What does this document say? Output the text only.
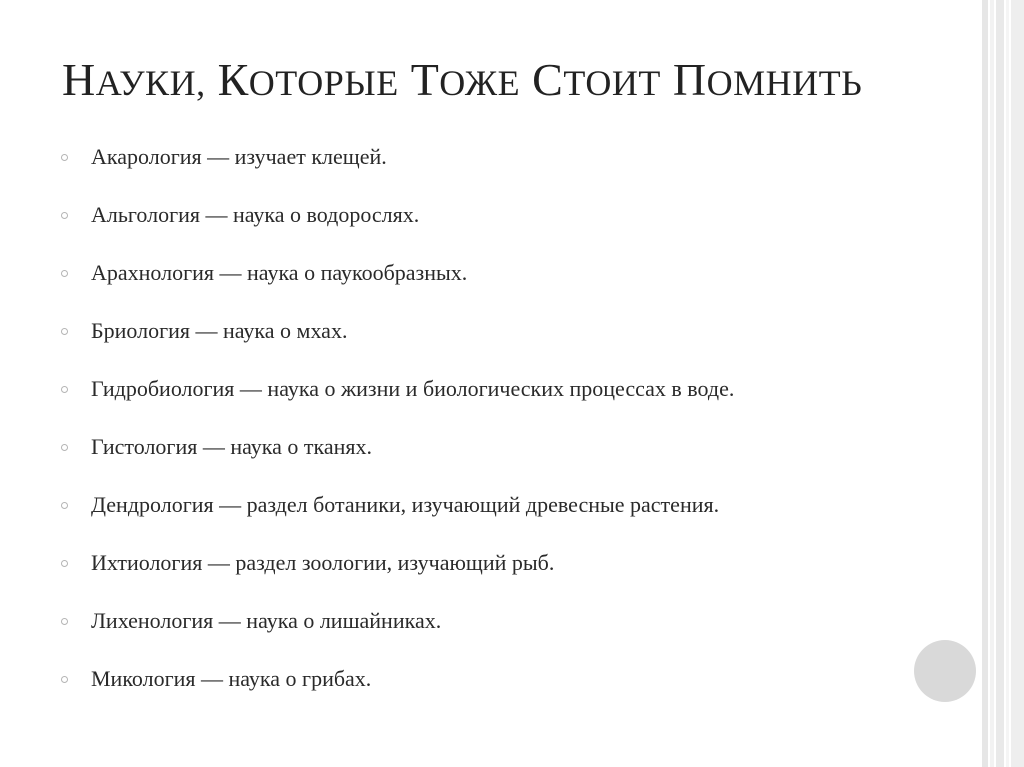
НАУКИ, КОТОРЫЕ ТОЖЕ СТОИТ ПОМНИТЬ
Акарология — изучает клещей.
Альгология — наука о водорослях.
Арахнология — наука о паукообразных.
Бриология — наука о мхах.
Гидробиология — наука о жизни и биологических процессах в воде.
Гистология — наука о тканях.
Дендрология — раздел ботаники, изучающий древесные растения.
Ихтиология — раздел зоологии, изучающий рыб.
Лихенология — наука о лишайниках.
Микология — наука о грибах.
